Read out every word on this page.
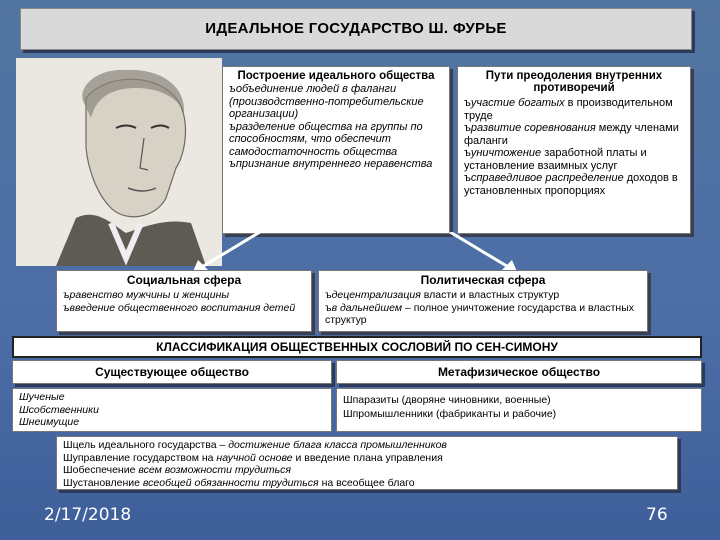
ИДЕАЛЬНОЕ ГОСУДАРСТВО Ш. ФУРЬЕ
Построение идеального общества
ъобъединение людей в фаланги (производственно-потребительские организации)
ъразделение общества на группы по способностям, что обеспечит самодостаточность общества
ъпризнание внутреннего неравенства
Пути преодоления внутренних противоречий
ъучастие богатых в производительном труде
ъразвитие соревнования между членами фаланги
ъуничтожение заработной платы и установление взаимных услуг
ъсправедливое распределение доходов в установленных пропорциях
Социальная сфера
ъравенство мужчины и женщины
ъвведение общественного воспитания детей
Политическая сфера
ъдецентрализация власти и властных структур
ъв дальнейшем – полное уничтожение государства и властных структур
КЛАССИФИКАЦИЯ ОБЩЕСТВЕННЫХ СОСЛОВИЙ ПО СЕН-СИМОНУ
Существующее общество	Метафизическое общество
Шученые
Шсобственники
Шнеимущие
Шпаразиты (дворяне чиновники, военные)
Шпромышленники (фабриканты и рабочие)
Шцель идеального государства – достижение блага класса промышленников
Шуправление государством на научной основе и введение плана управления
Шобеспечение всем возможности трудиться
Шустановление всеобщей обязанности трудиться на всеобщее благо
2/17/2018	76
